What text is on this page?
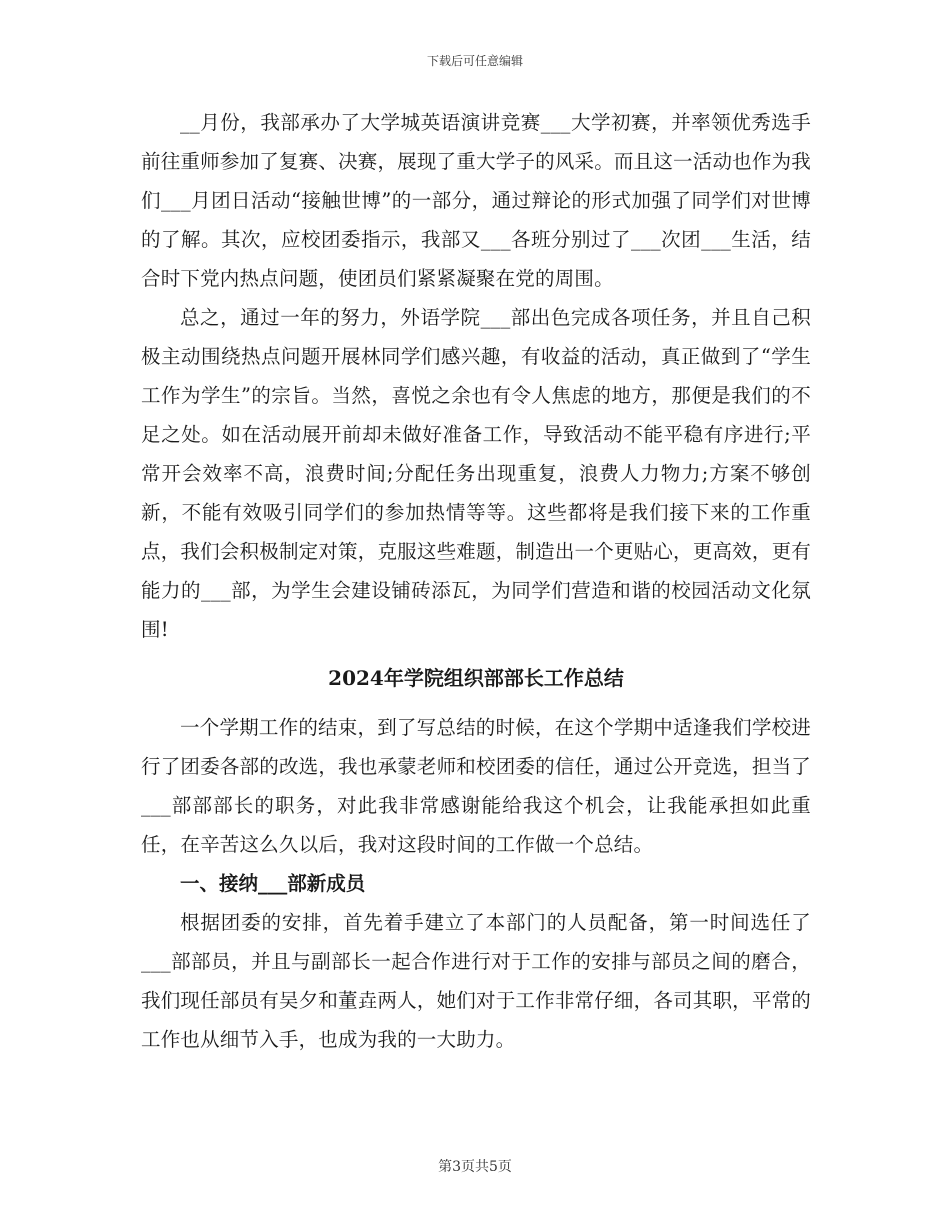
下载后可任意编辑

__月份，我部承办了大学城英语演讲竞赛___大学初赛，并率领优秀选手前往重师参加了复赛、决赛，展现了重大学子的风采。而且这一活动也作为我们___月团日活动“接触世博”的一部分，通过辩论的形式加强了同学们对世博的了解。其次，应校团委指示，我部又___各班分别过了___次团___生活，结合时下党内热点问题，使团员们紧紧凝聚在党的周围。

总之，通过一年的努力，外语学院___部出色完成各项任务，并且自己积极主动围绕热点问题开展林同学们感兴趣，有收益的活动，真正做到了“学生工作为学生”的宗旨。当然，喜悦之余也有令人焦虑的地方，那便是我们的不足之处。如在活动展开前却未做好准备工作，导致活动不能平稳有序进行;平常开会效率不高，浪费时间;分配任务出现重复，浪费人力物力;方案不够创新，不能有效吸引同学们的参加热情等等。这些都将是我们接下来的工作重点，我们会积极制定对策，克服这些难题，制造出一个更贴心，更高效，更有能力的___部，为学生会建设铺砖添瓦，为同学们营造和谐的校园活动文化氛围!

2024年学院组织部部长工作总结

一个学期工作的结束，到了写总结的时候，在这个学期中适逢我们学校进行了团委各部的改选，我也承蒙老师和校团委的信任，通过公开竞选，担当了___部部部长的职务，对此我非常感谢能给我这个机会，让我能承担如此重任，在辛苦这么久以后，我对这段时间的工作做一个总结。

一、接纳___部新成员

根据团委的安排，首先着手建立了本部门的人员配备，第一时间选任了___部部员，并且与副部长一起合作进行对于工作的安排与部员之间的磨合，我们现任部员有吴夕和董垚两人，她们对于工作非常仔细，各司其职，平常的工作也从细节入手，也成为我的一大助力。

第3页共5页
